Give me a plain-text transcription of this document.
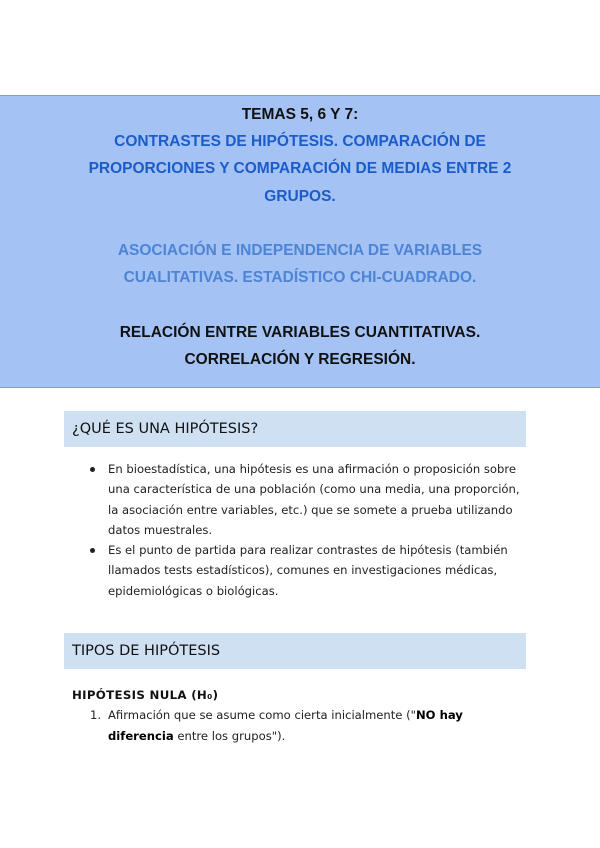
TEMAS 5, 6 Y 7:
CONTRASTES DE HIPÓTESIS. COMPARACIÓN DE
PROPORCIONES Y COMPARACIÓN DE MEDIAS ENTRE 2
GRUPOS.
ASOCIACIÓN E INDEPENDENCIA DE VARIABLES
CUALITATIVAS. ESTADÍSTICO CHI-CUADRADO.
RELACIÓN ENTRE VARIABLES CUANTITATIVAS.
CORRELACIÓN Y REGRESIÓN.
¿QUÉ ES UNA HIPÓTESIS?
En bioestadística, una hipótesis es una afirmación o proposición sobre una característica de una población (como una media, una proporción, la asociación entre variables, etc.) que se somete a prueba utilizando datos muestrales.
Es el punto de partida para realizar contrastes de hipótesis (también llamados tests estadísticos), comunes en investigaciones médicas, epidemiológicas o biológicas.
TIPOS DE HIPÓTESIS
HIPÓTESIS NULA (H₀)
1. Afirmación que se asume como cierta inicialmente ("NO hay diferencia entre los grupos").
